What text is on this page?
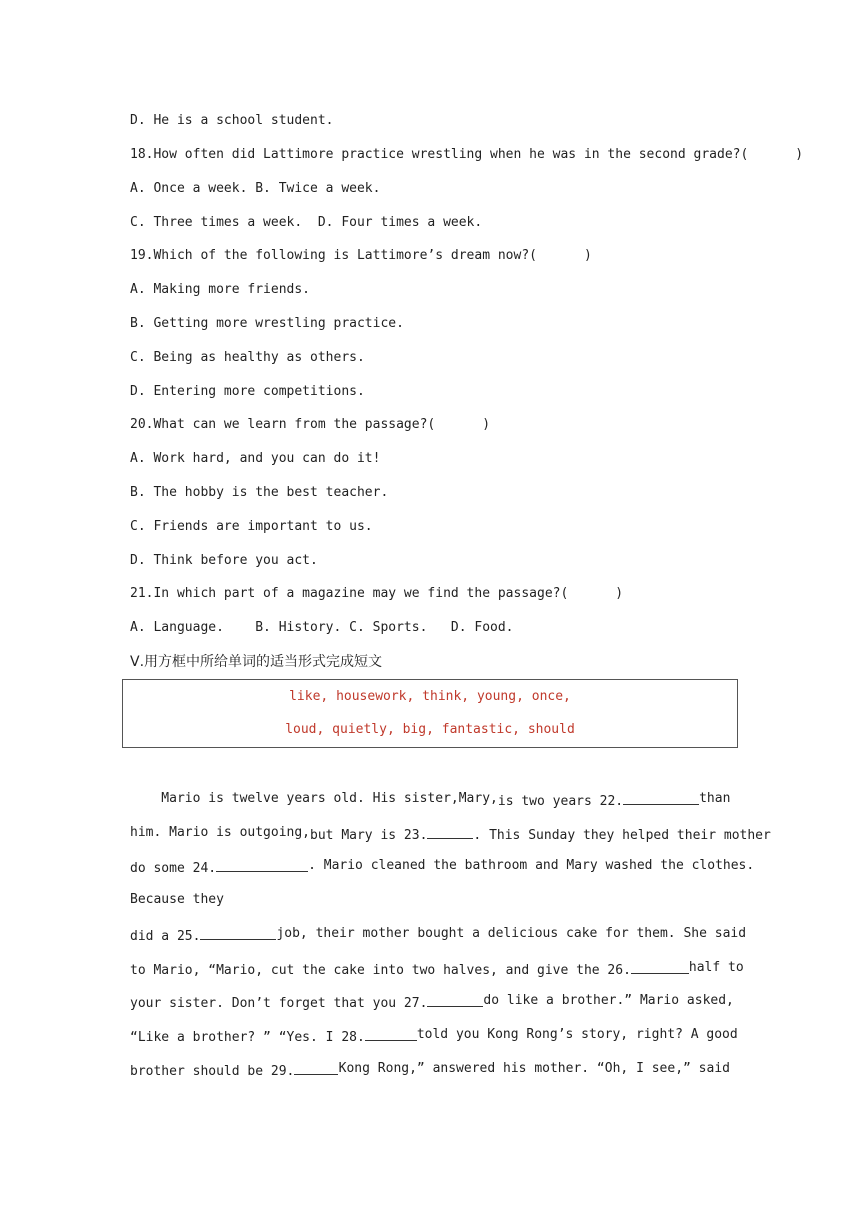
D. He is a school student.
18.How often did Lattimore practice wrestling when he was in the second grade?(      )
A. Once a week. B. Twice a week.
C. Three times a week.  D. Four times a week.
19.Which of the following is Lattimore’s dream now?(      )
A. Making more friends.
B. Getting more wrestling practice.
C. Being as healthy as others.
D. Entering more competitions.
20.What can we learn from the passage?(      )
A. Work hard, and you can do it!
B. The hobby is the best teacher.
C. Friends are important to us.
D. Think before you act.
21.In which part of a magazine may we find the passage?(      )
A. Language.    B. History. C. Sports.   D. Food.
Ⅴ.用方框中所给单词的适当形式完成短文
like, housework, think, young, once,
loud, quietly, big, fantastic, should
Mario is twelve years old. His sister, Mary, is two years 22.	than
him. Mario is outgoing, but Mary is 23.	. This Sunday they helped their mother
do some 24.	. Mario cleaned the bathroom and Mary washed the clothes.
Because they
did a 25.	job, their mother bought a delicious cake for them. She said
to Mario, “Mario, cut the cake into two halves, and give the 26.	half to
your sister. Don’t forget that you 27.	do like a brother.” Mario asked,
“Like a brother? ” “Yes. I 28.	told you Kong Rong’s story, right? A good
brother should be 29.	Kong Rong,” answered his mother. “Oh, I see,” said
